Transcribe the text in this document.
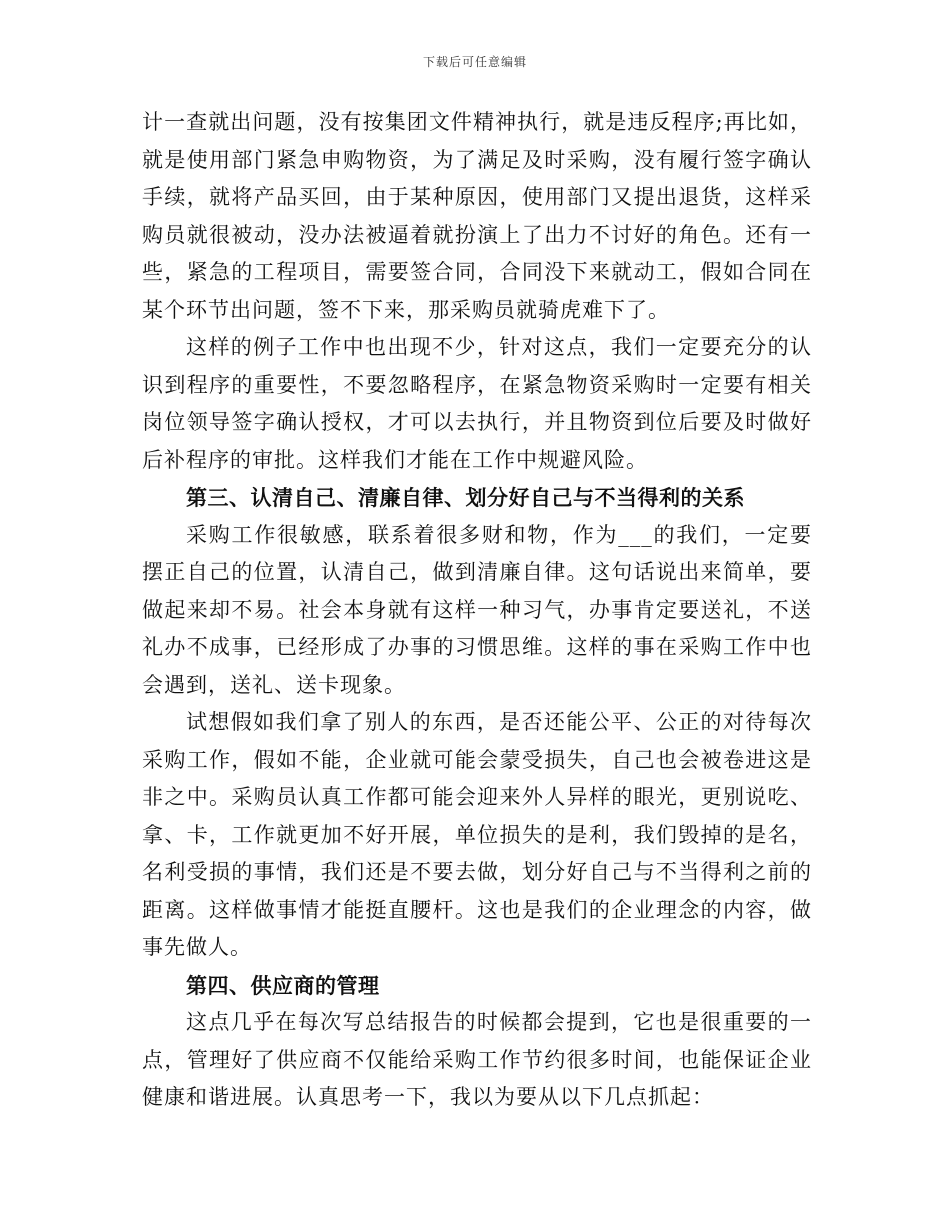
下载后可任意编辑

计一查就出问题，没有按集团文件精神执行，就是违反程序;再比如，就是使用部门紧急申购物资，为了满足及时采购，没有履行签字确认手续，就将产品买回，由于某种原因，使用部门又提出退货，这样采购员就很被动，没办法被逼着就扮演上了出力不讨好的角色。还有一些，紧急的工程项目，需要签合同，合同没下来就动工，假如合同在某个环节出问题，签不下来，那采购员就骑虎难下了。

这样的例子工作中也出现不少，针对这点，我们一定要充分的认识到程序的重要性，不要忽略程序，在紧急物资采购时一定要有相关岗位领导签字确认授权，才可以去执行，并且物资到位后要及时做好后补程序的审批。这样我们才能在工作中规避风险。

第三、认清自己、清廉自律、划分好自己与不当得利的关系

采购工作很敏感，联系着很多财和物，作为___的我们，一定要摆正自己的位置，认清自己，做到清廉自律。这句话说出来简单，要做起来却不易。社会本身就有这样一种习气，办事肯定要送礼，不送礼办不成事，已经形成了办事的习惯思维。这样的事在采购工作中也会遇到，送礼、送卡现象。

试想假如我们拿了别人的东西，是否还能公平、公正的对待每次采购工作，假如不能，企业就可能会蒙受损失，自己也会被卷进这是非之中。采购员认真工作都可能会迎来外人异样的眼光，更别说吃、拿、卡，工作就更加不好开展，单位损失的是利，我们毁掉的是名，名利受损的事情，我们还是不要去做，划分好自己与不当得利之前的距离。这样做事情才能挺直腰杆。这也是我们的企业理念的内容，做事先做人。

第四、供应商的管理

这点几乎在每次写总结报告的时候都会提到，它也是很重要的一点，管理好了供应商不仅能给采购工作节约很多时间，也能保证企业健康和谐进展。认真思考一下，我以为要从以下几点抓起：
